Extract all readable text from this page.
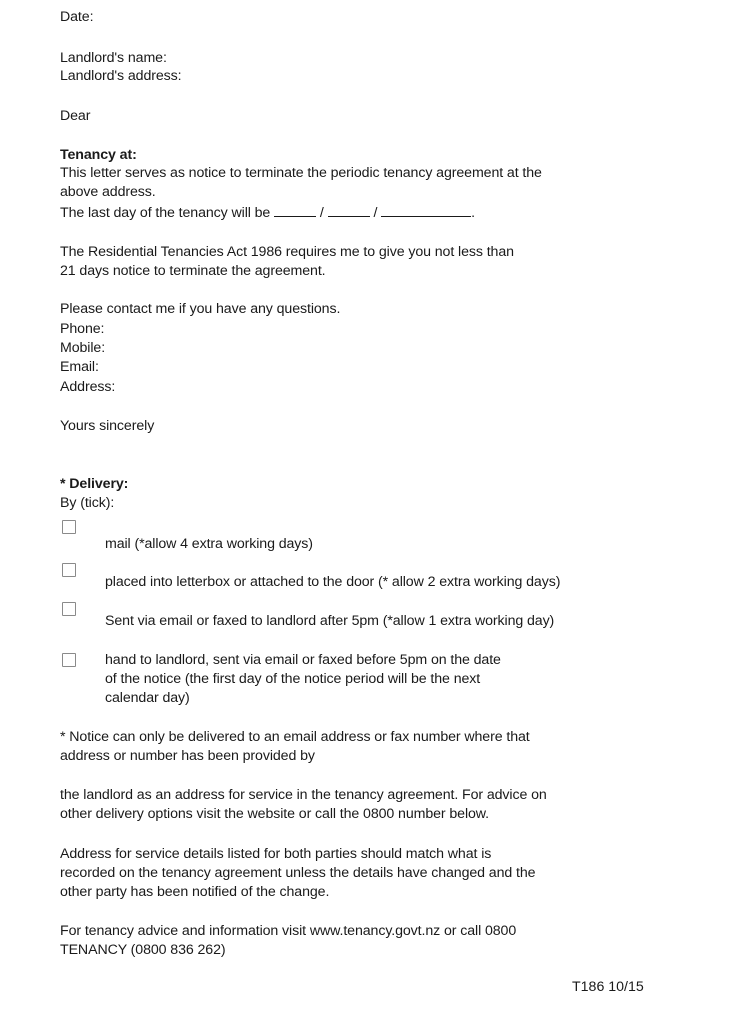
Date:
Landlord's name:
Landlord's address:
Dear
Tenancy at:
This letter serves as notice to terminate the periodic tenancy agreement at the
above address.
The last day of the tenancy will be	/	/	.
The Residential Tenancies Act 1986 requires me to give you not less than
21 days notice to terminate the agreement.
Please contact me if you have any questions.
Phone:
Mobile:
Email:
Address:
Yours sincerely
* Delivery:
By (tick):
mail (*allow 4 extra working days)
placed into letterbox or attached to the door (* allow 2 extra working days)
Sent via email or faxed to landlord after 5pm (*allow 1 extra working day)
hand to landlord, sent via email or faxed before 5pm on the date
of the notice (the first day of the notice period will be the next
calendar day)
* Notice can only be delivered to an email address or fax number where that
address or number has been provided by
the landlord as an address for service in the tenancy agreement. For advice on
other delivery options visit the website or call the 0800 number below.
Address for service details listed for both parties should match what is
recorded on the tenancy agreement unless the details have changed and the
other party has been notified of the change.
For tenancy advice and information visit www.tenancy.govt.nz or call 0800
TENANCY (0800 836 262)
T186 10/15
